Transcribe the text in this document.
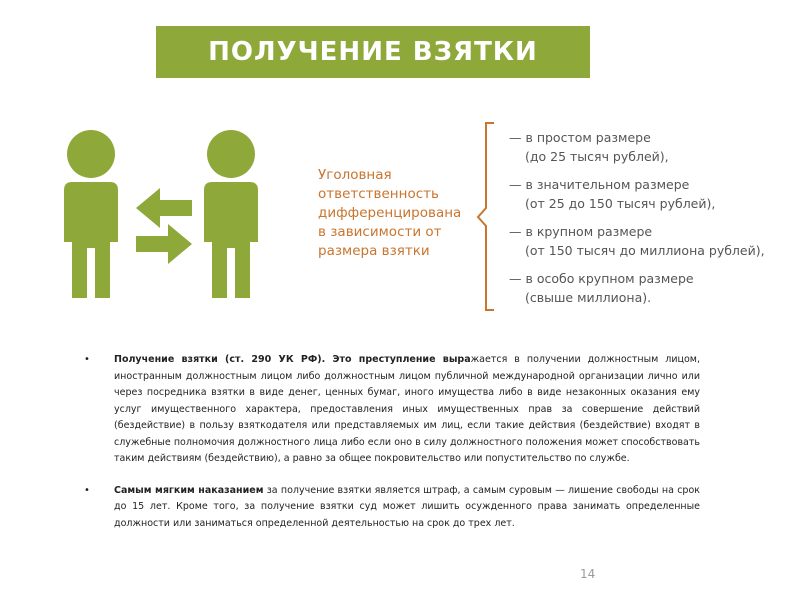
ПОЛУЧЕНИЕ ВЗЯТКИ
Уголовная
ответственность
дифференцирована
в зависимости от
размера взятки
— в простом размере
(до 25 тысяч рублей),
— в значительном размере
(от 25 до 150 тысяч рублей),
— в крупном размере
(от 150 тысяч до миллиона рублей),
— в особо крупном размере
(свыше миллиона).
•	Получение взятки (ст. 290 УК РФ). Это преступление выражается в получении должностным лицом, иностранным должностным лицом либо должностным лицом публичной международной организации лично или через посредника взятки в виде денег, ценных бумаг, иного имущества либо в виде незаконных оказания ему услуг имущественного характера, предоставления иных имущественных прав за совершение действий (бездействие) в пользу взяткодателя или представляемых им лиц, если такие действия (бездействие) входят в служебные полномочия должностного лица либо если оно в силу должностного положения может способствовать таким действиям (бездействию), а равно за общее покровительство или попустительство по службе.
•	Самым мягким наказанием за получение взятки является штраф, а самым суровым — лишение свободы на срок до 15 лет. Кроме того, за получение взятки суд может лишить осужденного права занимать определенные должности или заниматься определенной деятельностью на срок до трех лет.
14
